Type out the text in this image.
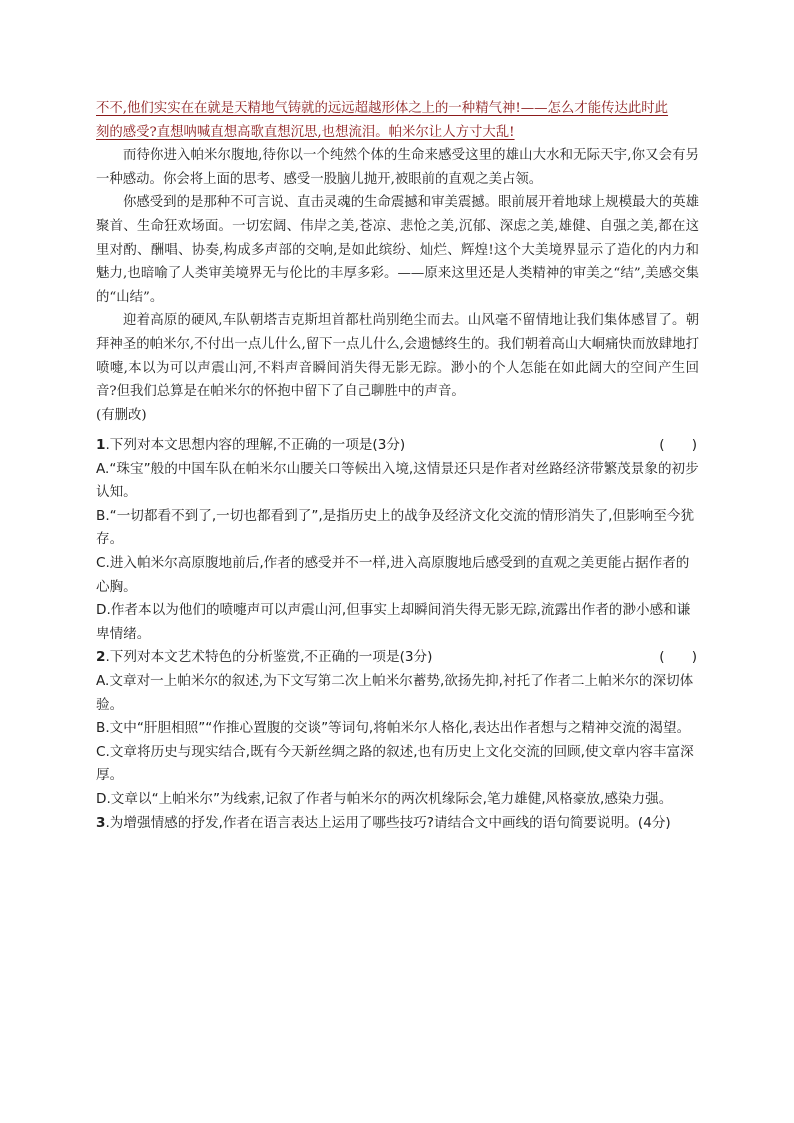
不不,他们实实在在就是天精地气铸就的远远超越形体之上的一种精气神!——怎么才能传达此时此

刻的感受?直想呐喊直想高歌直想沉思,也想流泪。帕米尔让人方寸大乱!

而待你进入帕米尔腹地,待你以一个纯然个体的生命来感受这里的雄山大水和无际天宇,你又会有另一种感动。你会将上面的思考、感受一股脑儿抛开,被眼前的直观之美占领。

你感受到的是那种不可言说、直击灵魂的生命震撼和审美震撼。眼前展开着地球上规模最大的英雄聚首、生命狂欢场面。一切宏阔、伟岸之美,苍凉、悲怆之美,沉郁、深虑之美,雄健、自强之美,都在这里对酌、酬唱、协奏,构成多声部的交响,是如此缤纷、灿烂、辉煌!这个大美境界显示了造化的内力和魅力,也暗喻了人类审美境界无与伦比的丰厚多彩。——原来这里还是人类精神的审美之“结”,美感交集的“山结”。

迎着高原的硬风,车队朝塔吉克斯坦首都杜尚别绝尘而去。山风毫不留情地让我们集体感冒了。朝拜神圣的帕米尔,不付出一点儿什么,留下一点儿什么,会遗憾终生的。我们朝着高山大峒痛快而放肆地打喷嚏,本以为可以声震山河,不料声音瞬间消失得无影无踪。渺小的个人怎能在如此阔大的空间产生回音?但我们总算是在帕米尔的怀抱中留下了自己聊胜中的声音。

(有删改)

1.下列对本文思想内容的理解,不正确的一项是(3分)	(　　)

A.“珠宝”般的中国车队在帕米尔山腰关口等候出入境,这情景还只是作者对丝路经济带繁茂景象的初步认知。

B.“一切都看不到了,一切也都看到了”,是指历史上的战争及经济文化交流的情形消失了,但影响至今犹存。

C.进入帕米尔高原腹地前后,作者的感受并不一样,进入高原腹地后感受到的直观之美更能占据作者的心胸。

D.作者本以为他们的喷嚏声可以声震山河,但事实上却瞬间消失得无影无踪,流露出作者的渺小感和谦卑情绪。

2.下列对本文艺术特色的分析鉴赏,不正确的一项是(3分)	(　　)

A.文章对一上帕米尔的叙述,为下文写第二次上帕米尔蓄势,欲扬先抑,衬托了作者二上帕米尔的深切体验。

B.文中“肝胆相照”“作推心置腹的交谈”等词句,将帕米尔人格化,表达出作者想与之精神交流的渴望。

C.文章将历史与现实结合,既有今天新丝绸之路的叙述,也有历史上文化交流的回顾,使文章内容丰富深厚。

D.文章以“上帕米尔”为线索,记叙了作者与帕米尔的两次机缘际会,笔力雄健,风格豪放,感染力强。

3.为增强情感的抒发,作者在语言表达上运用了哪些技巧?请结合文中画线的语句简要说明。(4分)
